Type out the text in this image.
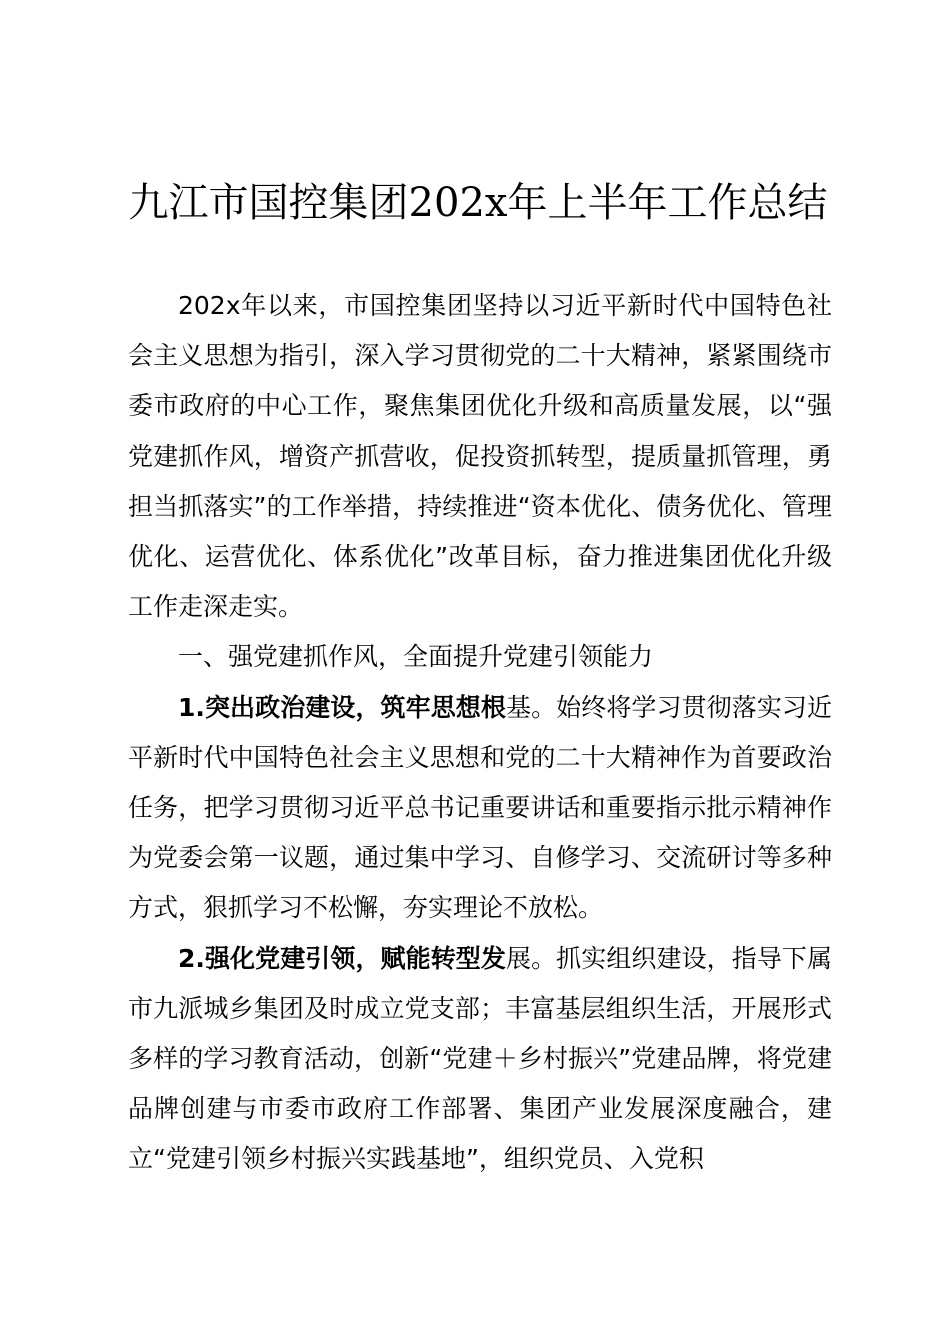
九江市国控集团202x年上半年工作总结

202x年以来，市国控集团坚持以习近平新时代中国特色社会主义思想为指引，深入学习贯彻党的二十大精神，紧紧围绕市委市政府的中心工作，聚焦集团优化升级和高质量发展，以“强党建抓作风，增资产抓营收，促投资抓转型，提质量抓管理，勇担当抓落实”的工作举措，持续推进“资本优化、债务优化、管理优化、运营优化、体系优化”改革目标，奋力推进集团优化升级工作走深走实。

一、强党建抓作风，全面提升党建引领能力

1.突出政治建设，筑牢思想根基。始终将学习贯彻落实习近平新时代中国特色社会主义思想和党的二十大精神作为首要政治任务，把学习贯彻习近平总书记重要讲话和重要指示批示精神作为党委会第一议题，通过集中学习、自修学习、交流研讨等多种方式，狠抓学习不松懈，夯实理论不放松。

2.强化党建引领，赋能转型发展。抓实组织建设，指导下属市九派城乡集团及时成立党支部；丰富基层组织生活，开展形式多样的学习教育活动，创新“党建＋乡村振兴”党建品牌，将党建品牌创建与市委市政府工作部署、集团产业发展深度融合，建立“党建引领乡村振兴实践基地”，组织党员、入党积
